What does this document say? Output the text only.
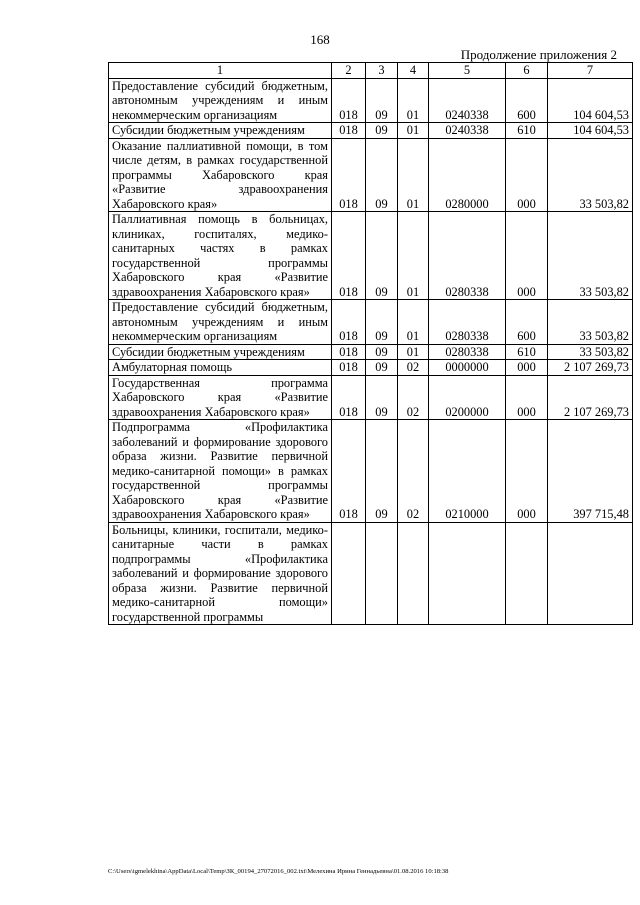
168
Продолжение приложения 2
1	2	3	4	5	6	7
Предоставление субсидий бюджетным, автономным учреждениям и иным некоммерческим организациям	018	09	01	0240338	600	104 604,53
Субсидии бюджетным учреждениям	018	09	01	0240338	610	104 604,53
Оказание паллиативной помощи, в том числе детям, в рамках государственной программы Хабаровского края «Развитие здравоохранения Хабаровского края»	018	09	01	0280000	000	33 503,82
Паллиативная помощь в больницах, клиниках, госпиталях, медико-санитарных частях в рамках государственной программы Хабаровского края «Развитие здравоохранения Хабаровского края»	018	09	01	0280338	000	33 503,82
Предоставление субсидий бюджетным, автономным учреждениям и иным некоммерческим организациям	018	09	01	0280338	600	33 503,82
Субсидии бюджетным учреждениям	018	09	01	0280338	610	33 503,82
Амбулаторная помощь	018	09	02	0000000	000	2 107 269,73
Государственная программа Хабаровского края «Развитие здравоохранения Хабаровского края»	018	09	02	0200000	000	2 107 269,73
Подпрограмма «Профилактика заболеваний и формирование здорового образа жизни. Развитие первичной медико-санитарной помощи» в рамках государственной программы Хабаровского края «Развитие здравоохранения Хабаровского края»	018	09	02	0210000	000	397 715,48
Больницы, клиники, госпитали, медико-санитарные части в рамках подпрограммы «Профилактика заболеваний и формирование здорового образа жизни. Развитие первичной медико-санитарной помощи» государственной программы						
C:\Users\igmelekhina\AppData\Local\Temp\ЗК_00194_27072016_002.txt\Мелехина Ирина Геннадьевна\01.08.2016 10:18:38
